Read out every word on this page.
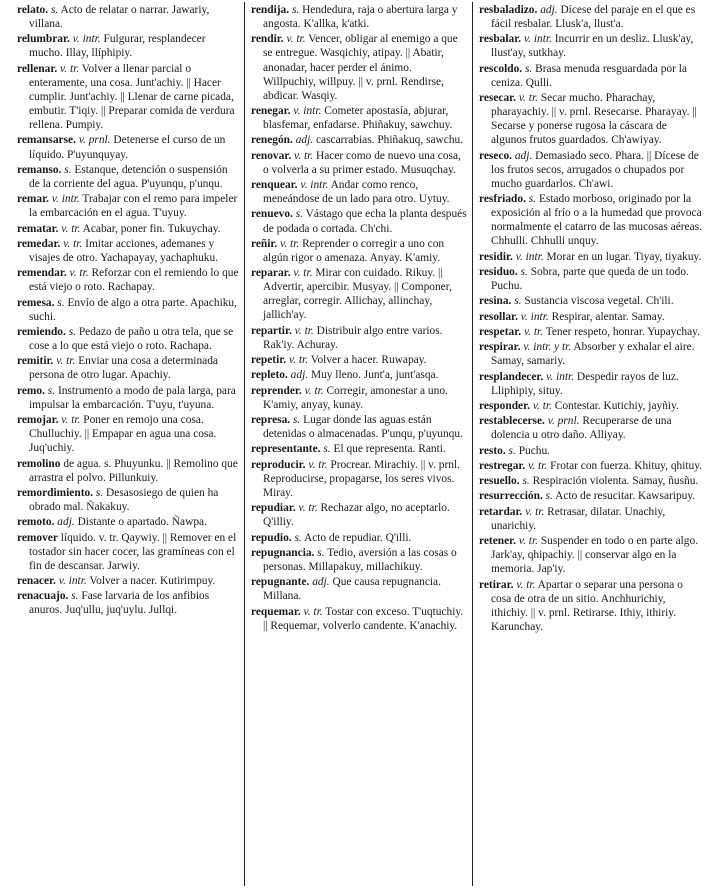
relato. s. Acto de relatar o narrar. Jawariy, villana.

relumbrar. v. intr. Fulgurar, resplandecer mucho. Illay, llíphipiy.

rellenar. v. tr. Volver a llenar parcial o enteramente, una cosa. Junt'achiy. || Hacer cumplir. Junt'achiy. || Llenar de carne picada, embutir. T'iqiy. || Preparar comida de verdura rellena. Pumpiy.

remansarse. v. prnl. Detenerse el curso de un líquido. P'uyunquyay.

remanso. s. Estanque, detención o suspensión de la corriente del agua. P'uyunqu, p'unqu.

remar. v. intr. Trabajar con el remo para impeler la embarcación en el agua. T'uyuy.

rematar. v. tr. Acabar, poner fin. Tukuychay.

remedar. v. tr. Imitar acciones, ademanes y visajes de otro. Yachapayay, yachaphuku.

remendar. v. tr. Reforzar con el remiendo lo que está viejo o roto. Rachapay.

remesa. s. Envío de algo a otra parte. Apachiku, suchi.

remiendo. s. Pedazo de paño u otra tela, que se cose a lo que está viejo o roto. Rachapa.

remitir. v. tr. Enviar una cosa a determinada persona de otro lugar. Apachiy.

remo. s. Instrumento a modo de pala larga, para impulsar la embarcación. T'uyu, t'uyuna.

remojar. v. tr. Poner en remojo una cosa. Chulluchiy. || Empapar en agua una cosa. Juq'uchiy.

remolino de agua. s. Phuyunku. || Remolino que arrastra el polvo. Pillunkuiy.

remordimiento. s. Desasosiego de quien ha obrado mal. Ñakakuy.

remoto. adj. Distante o apartado. Ñawpa.

remover líquido. v. tr. Qaywiy. || Remover en el tostador sin hacer cocer, las gramíneas con el fin de descansar. Jarwiy.

renacer. v. intr. Volver a nacer. Kutirimpuy.

renacuajo. s. Fase larvaria de los anfibios anuros. Juq'ullu, juq'uylu. Jullqi.

rendija. s. Hendedura, raja o abertura larga y angosta. K'allka, k'atki.

rendir. v. tr. Vencer, obligar al enemigo a que se entregue. Wasqichiy, atipay. || Abatir, anonadar, hacer perder el ánimo. Willpuchiy, willpuy. || v. prnl. Rendirse, abdicar. Wasqiy.

renegar. v. intr. Cometer apostasía, abjurar, blasfemar, enfadarse. Phiñakuy, sawchuy.

renegón. adj. cascarrabias. Phiñakuq, sawchu.

renovar. v. tr. Hacer como de nuevo una cosa, o volverla a su primer estado. Musuqchay.

renquear. v. intr. Andar como renco, meneándose de un lado para otro. Uytuy.

renuevo. s. Vástago que echa la planta después de podada o cortada. Ch'chi.

reñir. v. tr. Reprender o corregir a uno con algún rigor o amenaza. Anyay. K'amiy.

reparar. v. tr. Mirar con cuidado. Rikuy. || Advertir, apercibir. Musyay. || Componer, arreglar, corregir. Allichay, allinchay, jallich'ay.

repartir. v. tr. Distribuir algo entre varios. Rak'iy. Achuray.

repetir. v. tr. Volver a hacer. Ruwapay.

repleto. adj. Muy lleno. Junt'a, junt'asqa.

reprender. v. tr. Corregir, amonestar a uno. K'amiy, anyay, kunay.

represa. s. Lugar donde las aguas están detenidas o almacenadas. P'unqu, p'uyunqu.

representante. s. El que representa. Ranti.

reproducir. v. tr. Procrear. Mirachiy. || v. prnl. Reproducirse, propagarse, los seres vivos. Miray.

repudiar. v. tr. Rechazar algo, no aceptarlo. Q'illiy.

repudio. s. Acto de repudiar. Q'illi.

repugnancia. s. Tedio, aversión a las cosas o personas. Millapakuy, millachikuy.

repugnante. adj. Que causa repugnancia. Millana.

requemar. v. tr. Tostar con exceso. T'uqtuchiy. || Requemar, volverlo candente. K'anachiy.

resbaladizo. adj. Dícese del paraje en el que es fácil resbalar. Llusk'a, llust'a.

resbalar. v. intr. Incurrir en un desliz. Llusk'ay, llust'ay, sutkhay.

rescoldo. s. Brasa menuda resguardada por la ceniza. Qulli.

resecar. v. tr. Secar mucho. Pharachay, pharayachiy. || v. prnl. Resecarse. Pharayay. || Secarse y ponerse rugosa la cáscara de algunos frutos guardados. Ch'awiyay.

reseco. adj. Demasiado seco. Phara. || Dícese de los frutos secos, arrugados o chupados por mucho guardarlos. Ch'awi.

resfriado. s. Estado morboso, originado por la exposición al frío o a la humedad que provoca normalmente el catarro de las mucosas aéreas. Chhulli. Chhulli unquy.

residir. v. intr. Morar en un lugar. Tiyay, tiyakuy.

residuo. s. Sobra, parte que queda de un todo. Puchu.

resina. s. Sustancia viscosa vegetal. Ch'ili.

resollar. v. intr. Respirar, alentar. Samay.

respetar. v. tr. Tener respeto, honrar. Yupaychay.

respirar. v. intr. y tr. Absorber y exhalar el aire. Samay, samariy.

resplandecer. v. intr. Despedir rayos de luz. Lliphipiy, situy.

responder. v. tr. Contestar. Kutichiy, jayñiy.

restablecerse. v. prnl. Recuperarse de una dolencia u otro daño. Alliyay.

resto. s. Puchu.

restregar. v. tr. Frotar con fuerza. Khituy, qhituy.

resuello. s. Respiración violenta. Samay, ñusñu.

resurrección. s. Acto de resucitar. Kawsaripuy.

retardar. v. tr. Retrasar, dilatar. Unachiy, unarichiy.

retener. v. tr. Suspender en todo o en parte algo. Jark'ay, qhipachiy. || conservar algo en la memoria. Jap'iy.

retirar. v. tr. Apartar o separar una persona o cosa de otra de un sitio. Anchhurichiy, ithichiy. || v. prnl. Retirarse. Ithiy, ithiriy. Karunchay.
